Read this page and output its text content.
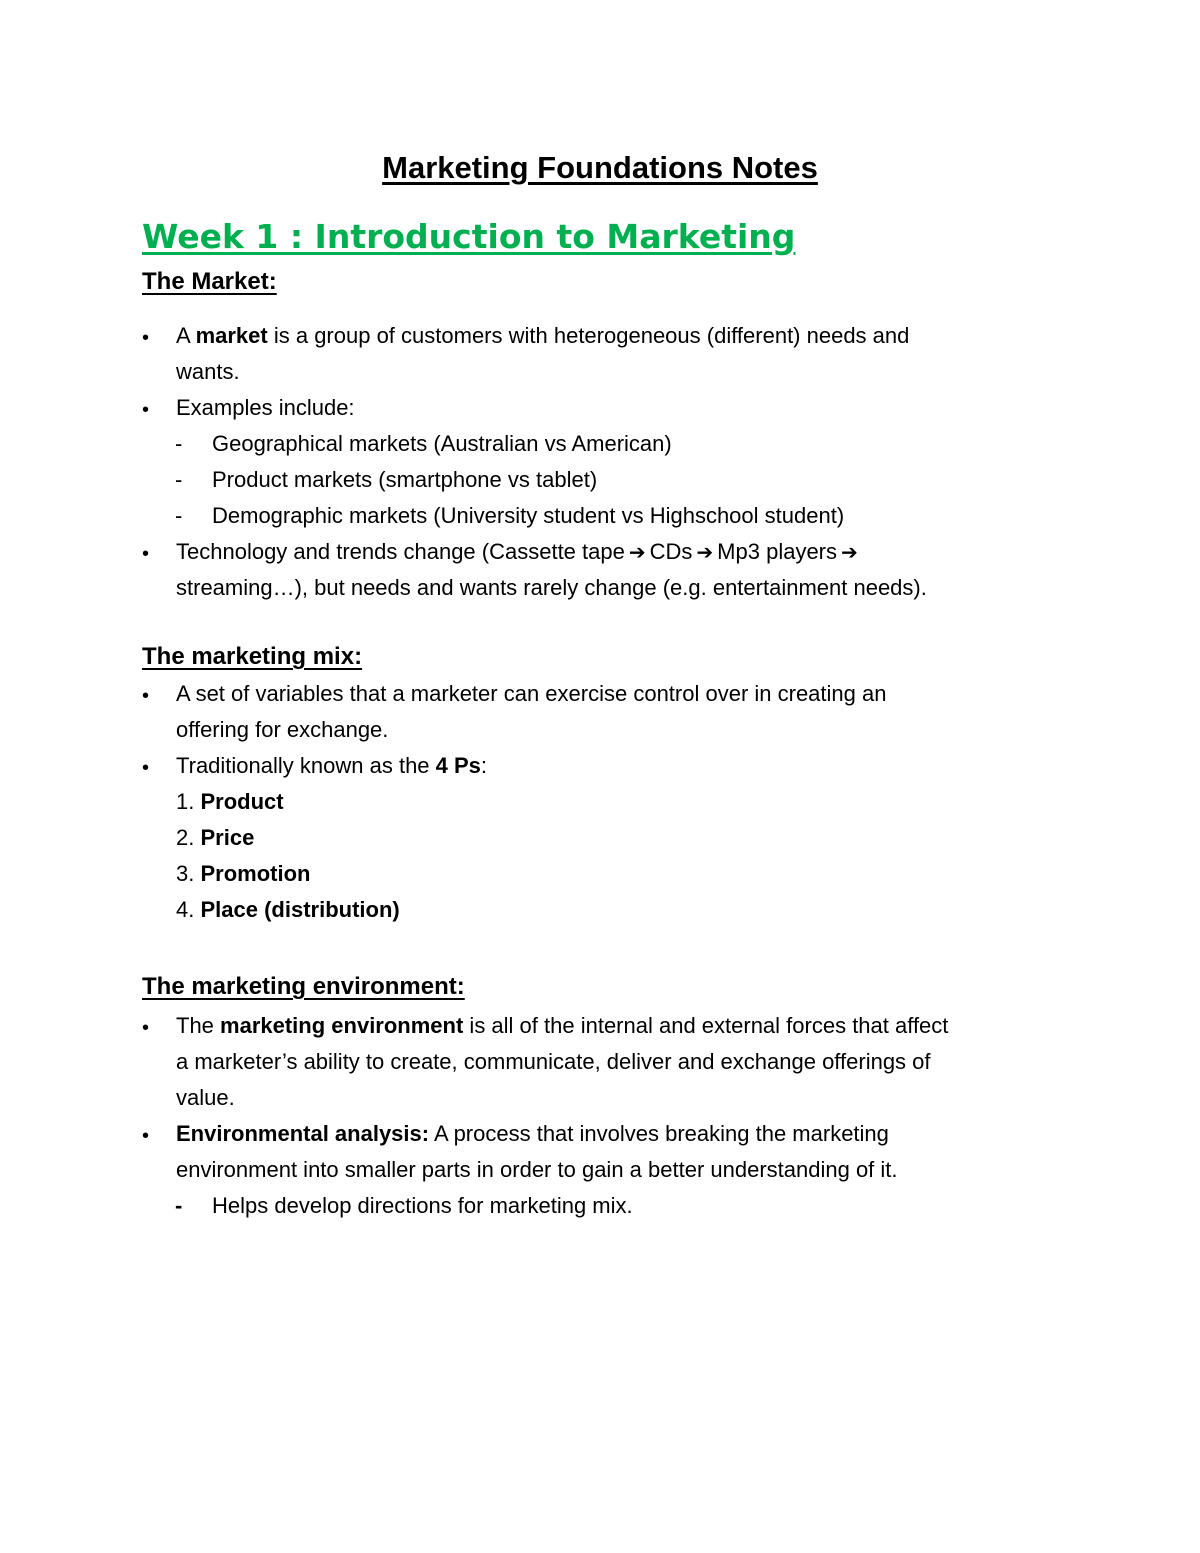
Marketing Foundations Notes
Week 1 : Introduction to Marketing
The Market:
• A market is a group of customers with heterogeneous (different) needs and
wants.
• Examples include:
- Geographical markets (Australian vs American)
- Product markets (smartphone vs tablet)
- Demographic markets (University student vs Highschool student)
• Technology and trends change (Cassette tape ➔ CDs ➔ Mp3 players ➔
streaming…), but needs and wants rarely change (e.g. entertainment needs).
The marketing mix:
• A set of variables that a marketer can exercise control over in creating an
offering for exchange.
• Traditionally known as the 4 Ps:
1. Product
2. Price
3. Promotion
4. Place (distribution)
The marketing environment:
• The marketing environment is all of the internal and external forces that affect
a marketer’s ability to create, communicate, deliver and exchange offerings of
value.
• Environmental analysis: A process that involves breaking the marketing
environment into smaller parts in order to gain a better understanding of it.
- Helps develop directions for marketing mix.
